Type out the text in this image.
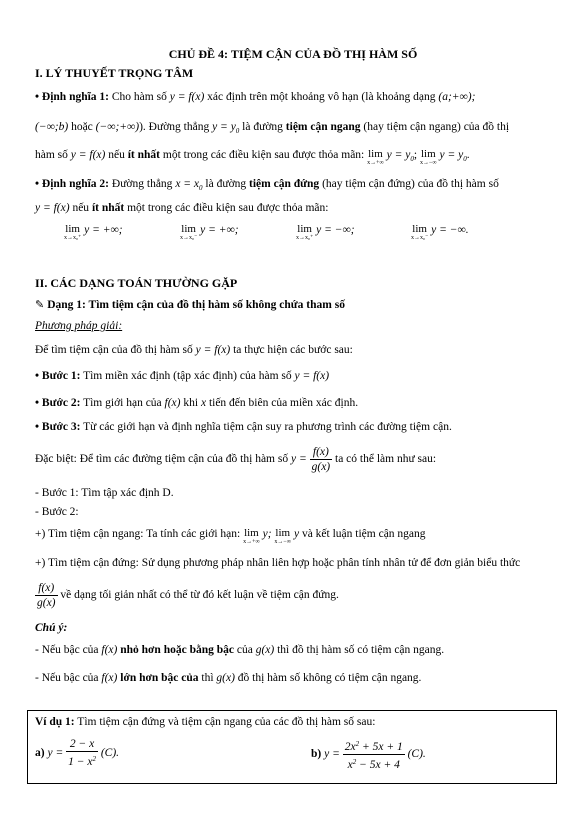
CHỦ ĐỀ 4: TIỆM CẬN CỦA ĐỒ THỊ HÀM SỐ
I. LÝ THUYẾT TRỌNG TÂM
• Định nghĩa 1: Cho hàm số y = f(x) xác định trên một khoảng vô hạn (là khoảng dạng (a;+∞);
(−∞;b) hoặc (−∞;+∞)). Đường thẳng $y = y_0$ là đường tiệm cận ngang (hay tiệm cận ngang) của đồ thị
hàm số y = f(x) nếu ít nhất một trong các điều kiện sau được thỏa mãn: lim
x→+∞
$y = y_0$; lim
x→−∞
$y = y_0$.
• Định nghĩa 2: Đường thẳng $x = x_0$ là đường tiệm cận đứng (hay tiệm cận đứng) của đồ thị hàm số
y = f(x) nếu ít nhất một trong các điều kiện sau được thỏa mãn:
lim
x→x₀⁺
y = +∞;	lim
x→x₀⁻
y = +∞;	lim
x→x₀⁺
y = −∞;	lim
x→x₀⁻
y = −∞.
II. CÁC DẠNG TOÁN THƯỜNG GẶP
✎ Dạng 1: Tìm tiệm cận của đồ thị hàm số không chứa tham số
Phương pháp giải:
Để tìm tiệm cận của đồ thị hàm số y = f(x) ta thực hiện các bước sau:
• Bước 1: Tìm miền xác định (tập xác định) của hàm số y = f(x)
• Bước 2: Tìm giới hạn của f(x) khi x tiến đến biên của miền xác định.
• Bước 3: Từ các giới hạn và định nghĩa tiệm cận suy ra phương trình các đường tiệm cận.
Đặc biệt: Để tìm các đường tiệm cận của đồ thị hàm số $y = \frac{f(x)}{g(x)}$ ta có thể làm như sau:
- Bước 1: Tìm tập xác định D.
- Bước 2:
+) Tìm tiệm cận ngang: Ta tính các giới hạn: lim
x→+∞
y; lim
x→−∞
y và kết luận tiệm cận ngang
+) Tìm tiệm cận đứng: Sử dụng phương pháp nhân liên hợp hoặc phân tính nhân tử để đơn giản biểu thức
$\frac{f(x)}{g(x)}$ về dạng tối giản nhất có thể từ đó kết luận về tiệm cận đứng.
Chú ý:
- Nếu bậc của f(x) nhỏ hơn hoặc bằng bậc của g(x) thì đồ thị hàm số có tiệm cận ngang.
- Nếu bậc của f(x) lớn hơn bậc của thì g(x) đồ thị hàm số không có tiệm cận ngang.
Ví dụ 1: Tìm tiệm cận đứng và tiệm cận ngang của các đồ thị hàm số sau:
a) $y = \frac{2 - x}{1 - x^2} (C)$.	b) $y = \frac{2x^2 + 5x + 1}{x^2 - 5x + 4} (C)$.
